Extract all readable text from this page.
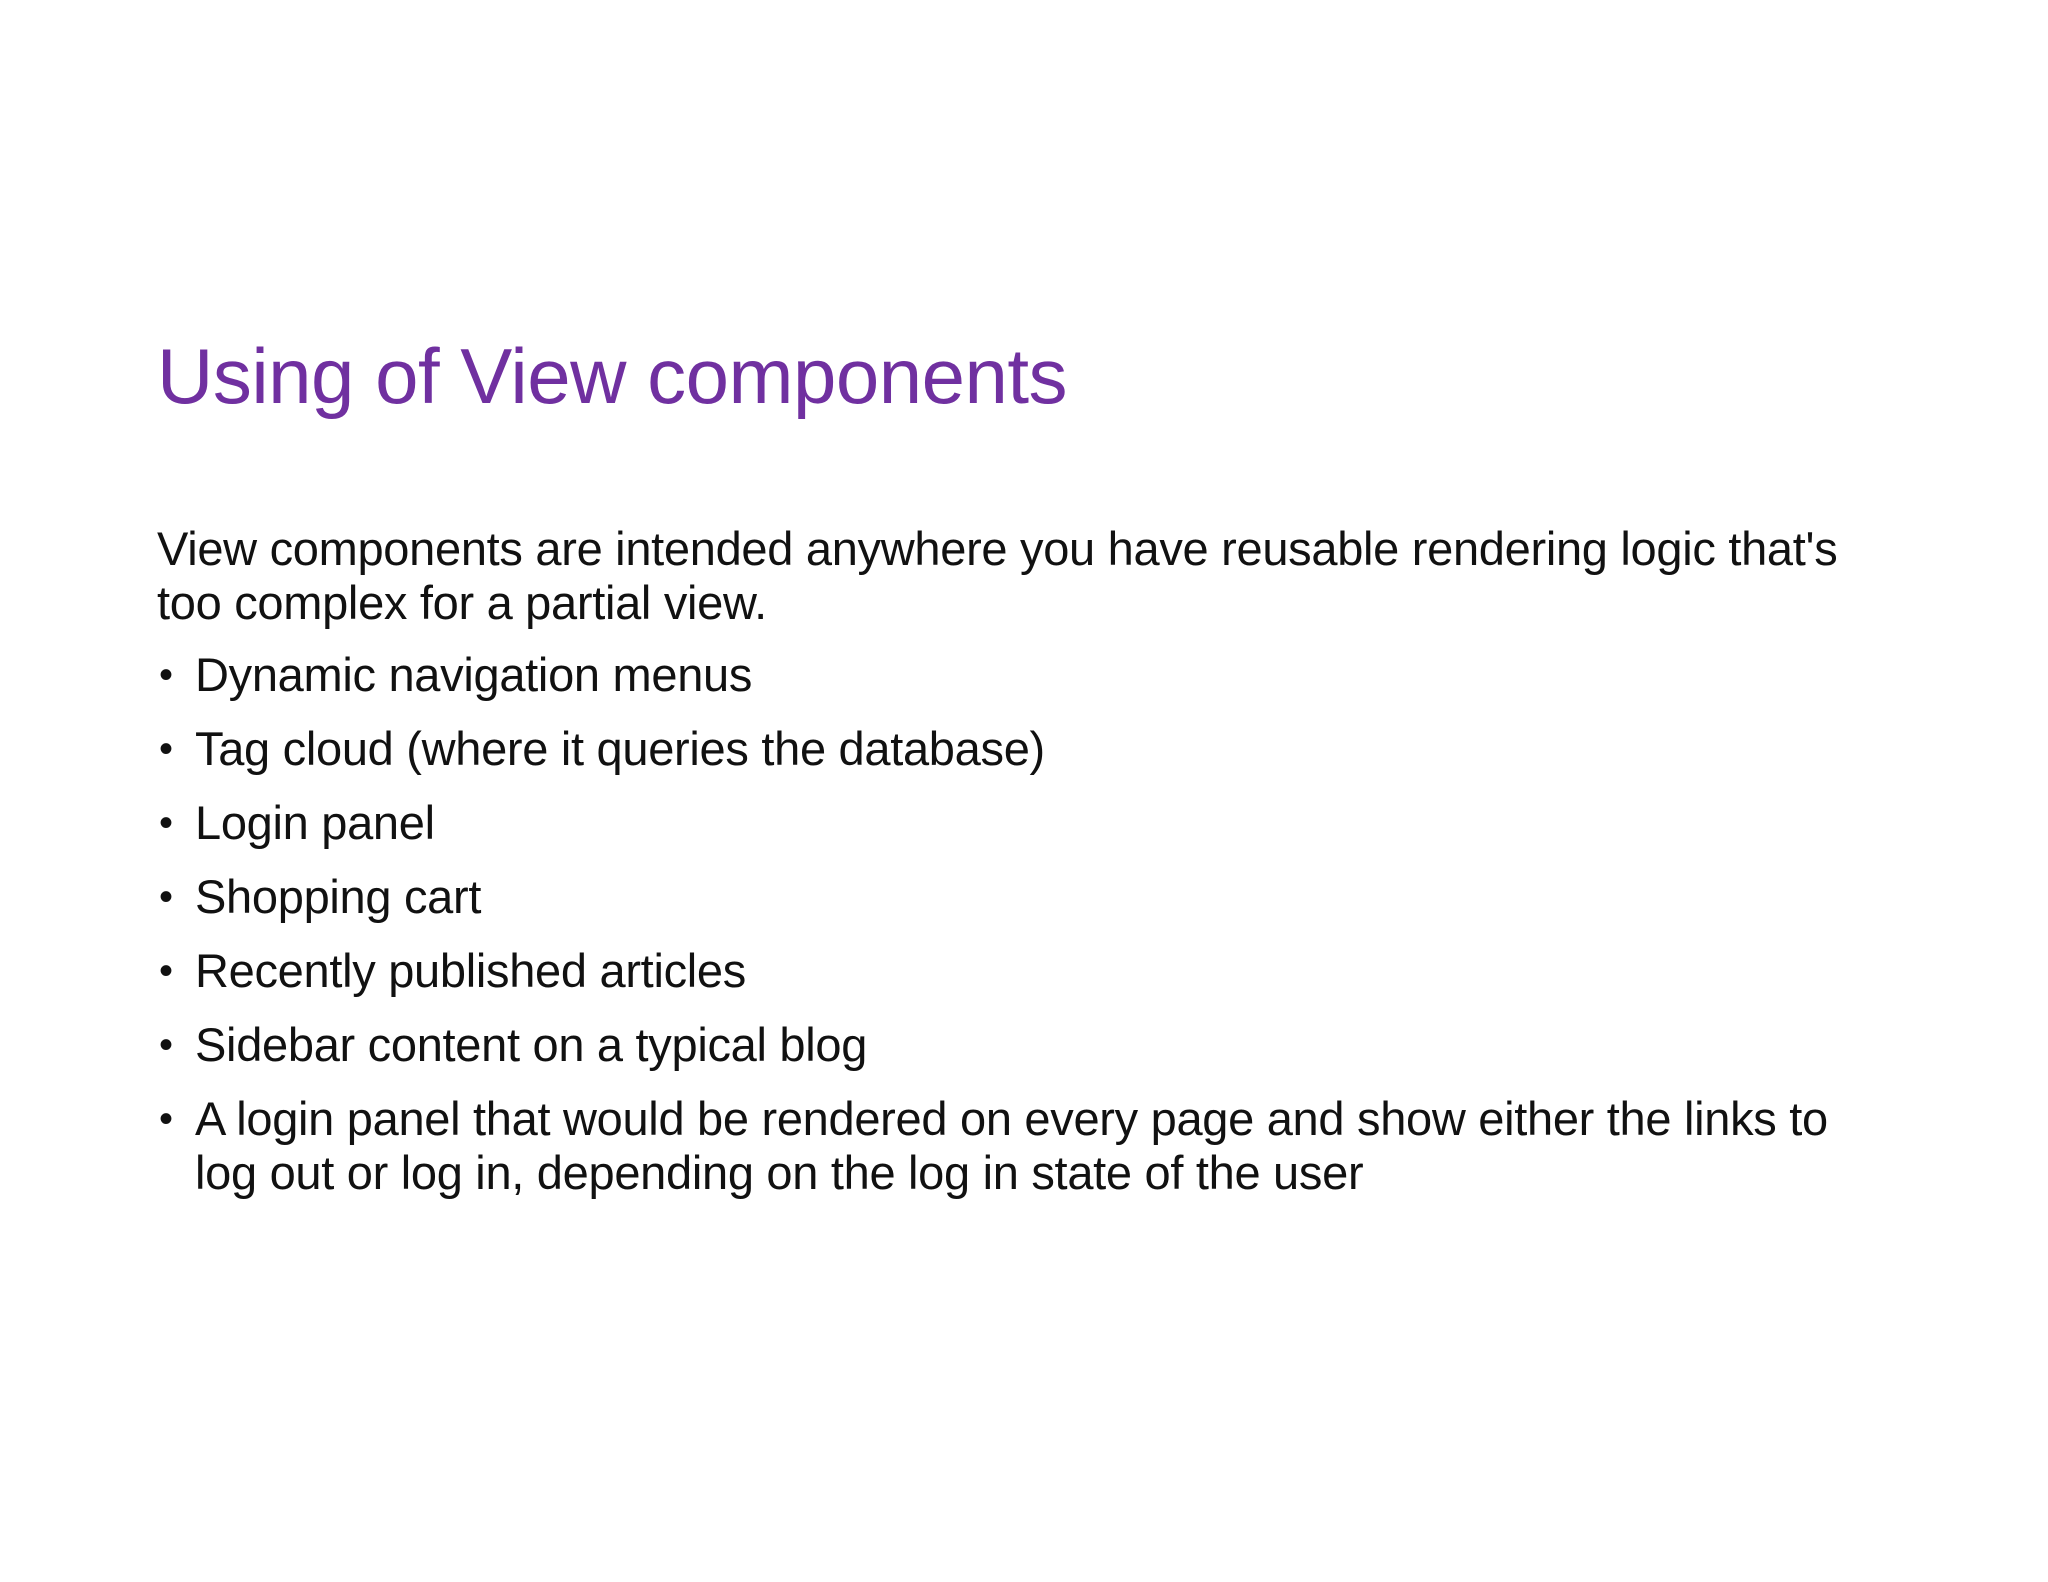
Using of View components

View components are intended anywhere you have reusable rendering logic that's too complex for a partial view.

• Dynamic navigation menus
• Tag cloud (where it queries the database)
• Login panel
• Shopping cart
• Recently published articles
• Sidebar content on a typical blog
• A login panel that would be rendered on every page and show either the links to log out or log in, depending on the log in state of the user
